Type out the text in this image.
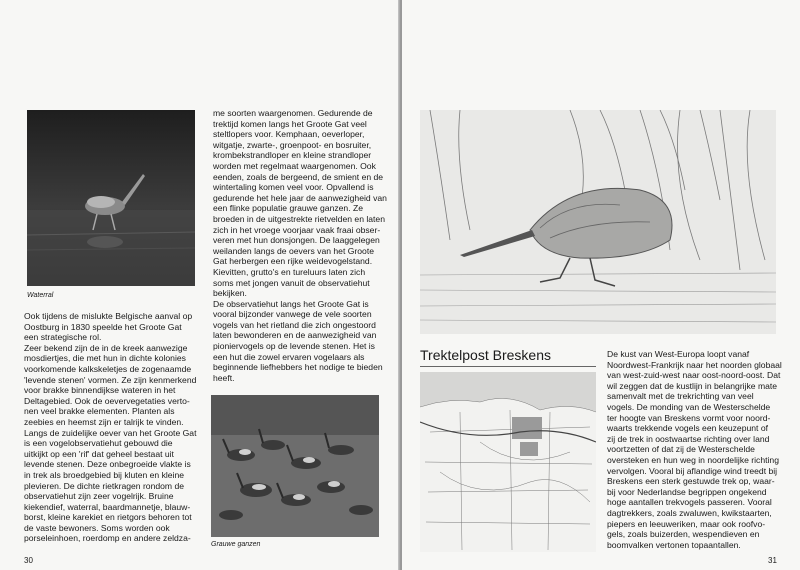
Waterral
Ook tijdens de mislukte Belgische aanval op
Oostburg in 1830 speelde het Groote Gat
een strategische rol.
Zeer bekend zijn de in de kreek aanwezige
mosdiertjes, die met hun in dichte kolonies
voorkomende kalkskeletjes de zogenaamde
'levende stenen' vormen. Ze zijn kenmerkend
voor brakke binnendijkse wateren in het
Deltagebied. Ook de oevervegetaties verto-
nen veel brakke elementen. Planten als
zeebies en heemst zijn er talrijk te vinden.
Langs de zuidelijke oever van het Groote Gat
is een vogelobservatiehut gebouwd die
uitkijkt op een 'rif' dat geheel bestaat uit
levende stenen. Deze onbegroeide vlakte is
in trek als broedgebied bij kluten en kleine
plevieren. De dichte rietkragen rondom de
observatiehut zijn zeer vogelrijk. Bruine
kiekendief, waterral, baardmannetje, blauw-
borst, kleine karekiet en rietgors behoren tot
de vaste bewoners. Soms worden ook
porseleinhoen, roerdomp en andere zeldza-
me soorten waargenomen. Gedurende de
trektijd komen langs het Groote Gat veel
steltlopers voor. Kemphaan, oeverloper,
witgatje, zwarte-, groenpoot- en bosruiter,
krombekstrandloper en kleine strandloper
worden met regelmaat waargenomen. Ook
eenden, zoals de bergeend, de smient en de
wintertaling komen veel voor. Opvallend is
gedurende het hele jaar de aanwezigheid van
een flinke populatie grauwe ganzen. Ze
broeden in de uitgestrekte rietvelden en laten
zich in het vroege voorjaar vaak fraai obser-
veren met hun donsjongen. De laaggelegen
weilanden langs de oevers van het Groote
Gat herbergen een rijke weidevogelstand.
Kievitten, grutto's en tureluurs laten zich
soms met jongen vanuit de observatiehut
bekijken.
De observatiehut langs het Groote Gat is
vooral bijzonder vanwege de vele soorten
vogels van het rietland die zich ongestoord
laten bewonderen en de aanwezigheid van
pioniervogels op de levende stenen. Het is
een hut die zowel ervaren vogelaars als
beginnende liefhebbers het nodige te bieden
heeft.
Grauwe ganzen
30
Trektelpost Breskens	De kust van West-Europa loopt vanaf
Noordwest-Frankrijk naar het noorden globaal
van west-zuid-west naar oost-noord-oost. Dat
wil zeggen dat de kustlijn in belangrijke mate
samenvalt met de trekrichting van veel
vogels. De monding van de Westerschelde
ter hoogte van Breskens vormt voor noord-
waarts trekkende vogels een keuzepunt of
zij de trek in oostwaartse richting over land
voortzetten of dat zij de Westerschelde
oversteken en hun weg in noordelijke richting
vervolgen. Vooral bij aflandige wind treedt bij
Breskens een sterk gestuwde trek op, waar-
bij voor Nederlandse begrippen ongekend
hoge aantallen trekvogels passeren. Vooral
dagtrekkers, zoals zwaluwen, kwikstaarten,
piepers en leeuweriken, maar ook roofvo-
gels, zoals buizerden, wespendieven en
boomvalken vertonen topaantallen.
31
